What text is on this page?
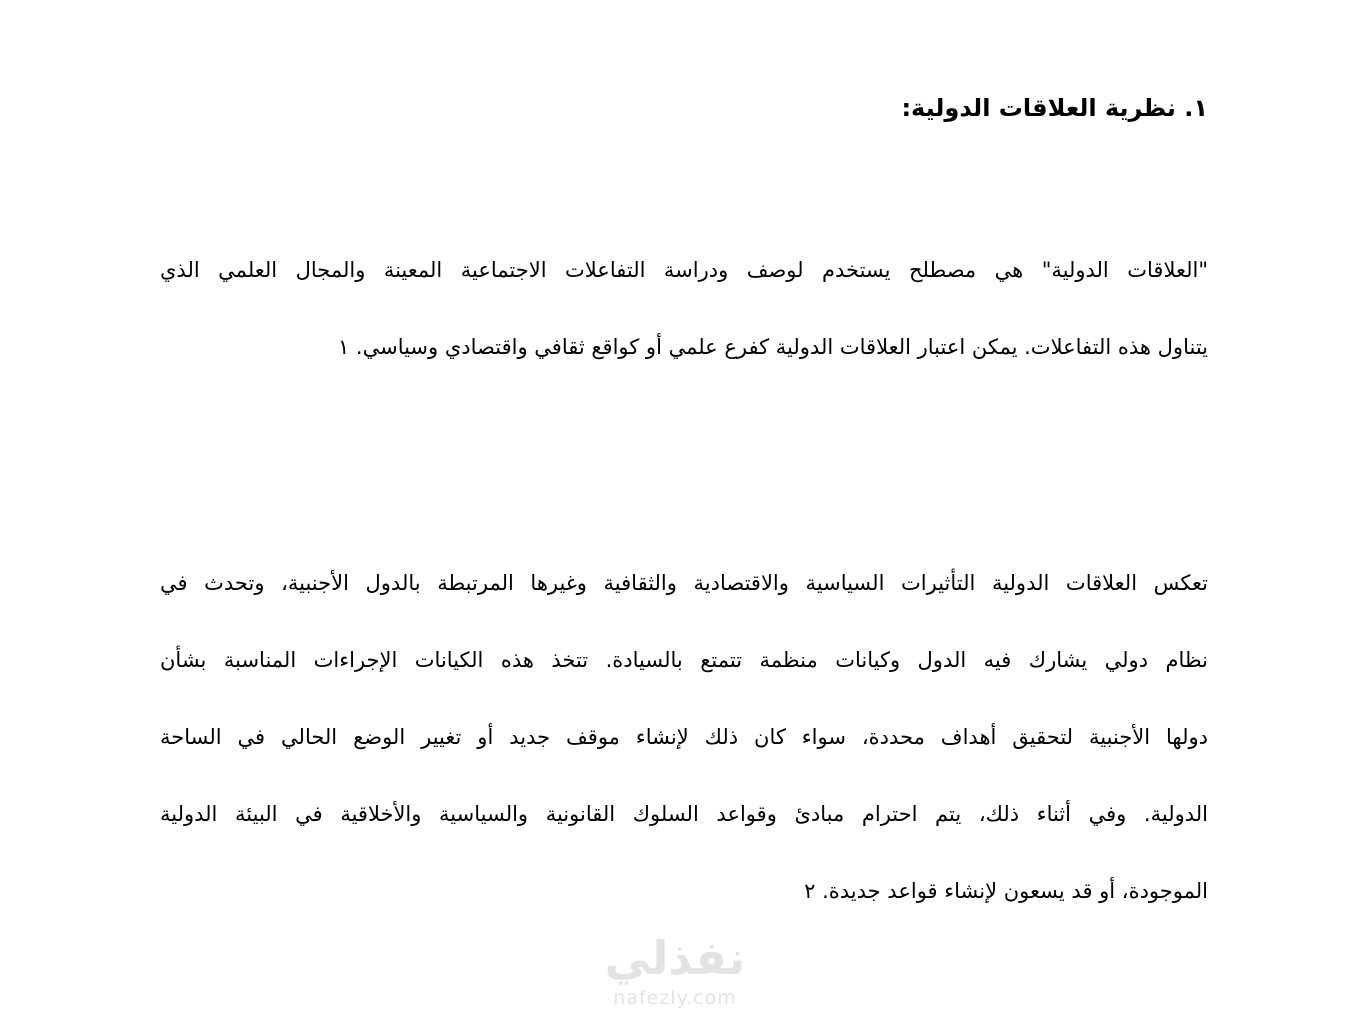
١. نظرية العلاقات الدولية:
"العلاقات الدولية" هي مصطلح يستخدم لوصف ودراسة التفاعلات الاجتماعية المعينة والمجال العلمي الذي
يتناول هذه التفاعلات. يمكن اعتبار العلاقات الدولية كفرع علمي أو كواقع ثقافي واقتصادي وسياسي. ١
تعكس العلاقات الدولية التأثيرات السياسية والاقتصادية والثقافية وغيرها المرتبطة بالدول الأجنبية، وتحدث في
نظام دولي يشارك فيه الدول وكيانات منظمة تتمتع بالسيادة. تتخذ هذه الكيانات الإجراءات المناسبة بشأن
دولها الأجنبية لتحقيق أهداف محددة، سواء كان ذلك لإنشاء موقف جديد أو تغيير الوضع الحالي في الساحة
الدولية. وفي أثناء ذلك، يتم احترام مبادئ وقواعد السلوك القانونية والسياسية والأخلاقية في البيئة الدولية
الموجودة، أو قد يسعون لإنشاء قواعد جديدة. ٢
نفذلي
nafezly.com
